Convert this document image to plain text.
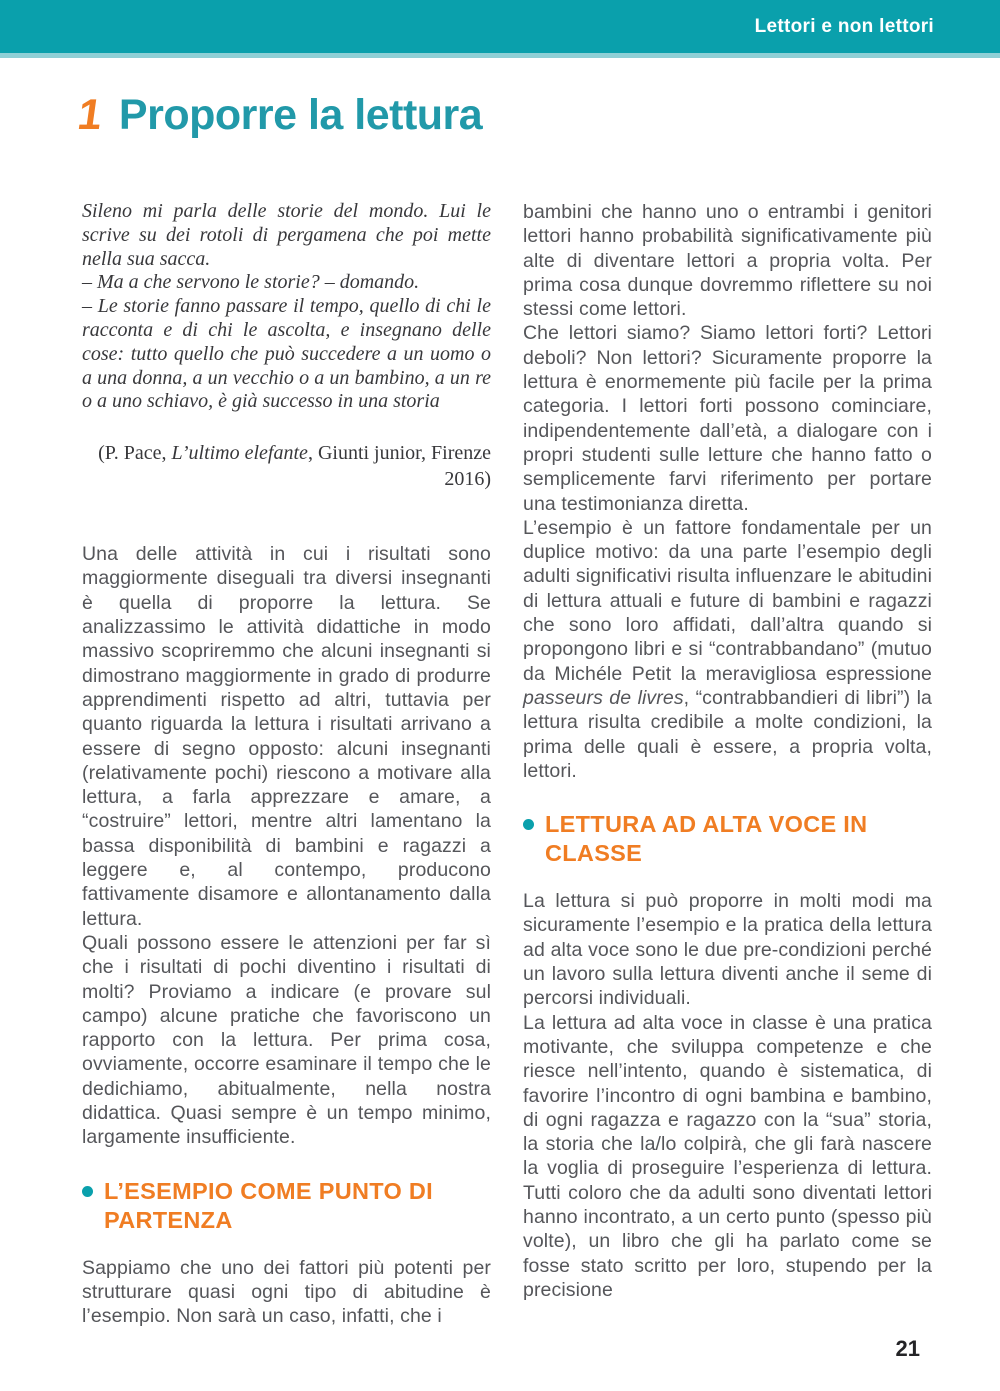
Lettori e non lettori
1 Proporre la lettura

Sileno mi parla delle storie del mondo. Lui le scrive su dei rotoli di pergamena che poi mette nella sua sacca.

– Ma a che servono le storie? – domando.

– Le storie fanno passare il tempo, quello di chi le racconta e di chi le ascolta, e insegnano delle cose: tutto quello che può succedere a un uomo o a una donna, a un vecchio o a un bambino, a un re o a uno schiavo, è già successo in una storia

(P. Pace, L’ultimo elefante, Giunti junior, Firenze 2016)

Una delle attività in cui i risultati sono maggiormente diseguali tra diversi insegnanti è quella di proporre la lettura. Se analizzassimo le attività didattiche in modo massivo scopriremmo che alcuni insegnanti si dimostrano maggiormente in grado di produrre apprendimenti rispetto ad altri, tuttavia per quanto riguarda la lettura i risultati arrivano a essere di segno opposto: alcuni insegnanti (relativamente pochi) riescono a motivare alla lettura, a farla apprezzare e amare, a “costruire” lettori, mentre altri lamentano la bassa disponibilità di bambini e ragazzi a leggere e, al contempo, producono fattivamente disamore e allontanamento dalla lettura.

Quali possono essere le attenzioni per far sì che i risultati di pochi diventino i risultati di molti? Proviamo a indicare (e provare sul campo) alcune pratiche che favoriscono un rapporto con la lettura. Per prima cosa, ovviamente, occorre esaminare il tempo che le dedichiamo, abitualmente, nella nostra didattica. Quasi sempre è un tempo minimo, largamente insufficiente.

L’ESEMPIO COME PUNTO DI PARTENZA

Sappiamo che uno dei fattori più potenti per strutturare quasi ogni tipo di abitudine è l’esempio. Non sarà un caso, infatti, che i

bambini che hanno uno o entrambi i genitori lettori hanno probabilità significativamente più alte di diventare lettori a propria volta. Per prima cosa dunque dovremmo riflettere su noi stessi come lettori.

Che lettori siamo? Siamo lettori forti? Lettori deboli? Non lettori? Sicuramente proporre la lettura è enormemente più facile per la prima categoria. I lettori forti possono cominciare, indipendentemente dall’età, a dialogare con i propri studenti sulle letture che hanno fatto o semplicemente farvi riferimento per portare una testimonianza diretta.

L’esempio è un fattore fondamentale per un duplice motivo: da una parte l’esempio degli adulti significativi risulta influenzare le abitudini di lettura attuali e future di bambini e ragazzi che sono loro affidati, dall’altra quando si propongono libri e si “contrabbandano” (mutuo da Michéle Petit la meravigliosa espressione passeurs de livres, “contrabbandieri di libri”) la lettura risulta credibile a molte condizioni, la prima delle quali è essere, a propria volta, lettori.

LETTURA AD ALTA VOCE IN CLASSE

La lettura si può proporre in molti modi ma sicuramente l’esempio e la pratica della lettura ad alta voce sono le due pre-condizioni perché un lavoro sulla lettura diventi anche il seme di percorsi individuali.

La lettura ad alta voce in classe è una pratica motivante, che sviluppa competenze e che riesce nell’intento, quando è sistematica, di favorire l’incontro di ogni bambina e bambino, di ogni ragazza e ragazzo con la “sua” storia, la storia che la/lo colpirà, che gli farà nascere la voglia di proseguire l’esperienza di lettura. Tutti coloro che da adulti sono diventati lettori hanno incontrato, a un certo punto (spesso più volte), un libro che gli ha parlato come se fosse stato scritto per loro, stupendo per la precisione

21
